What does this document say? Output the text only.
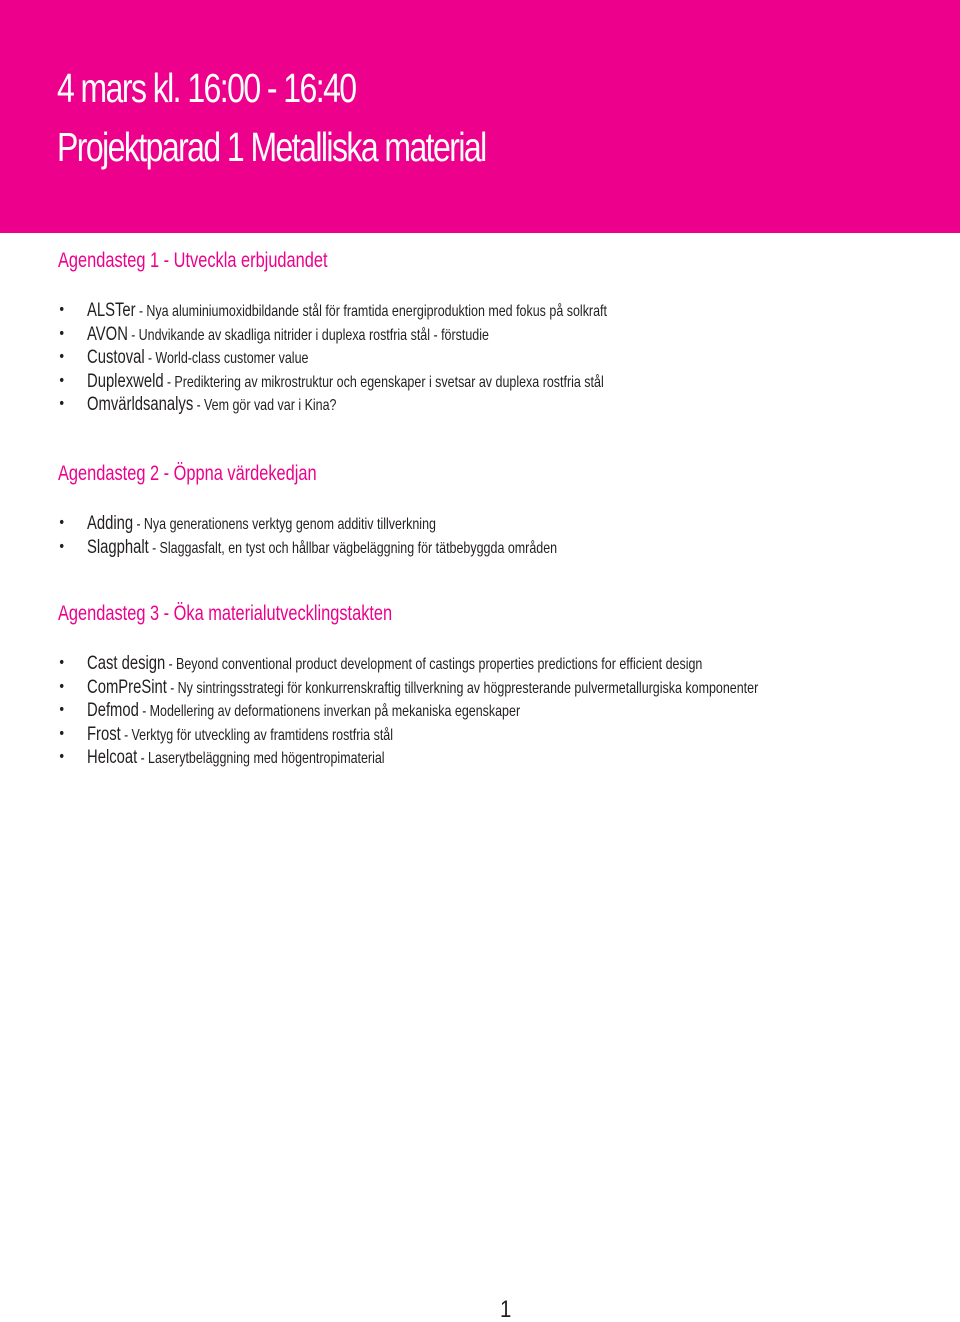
4 mars kl. 16:00 - 16:40
Projektparad 1 Metalliska material
Agendasteg 1 - Utveckla erbjudandet
• ALSTer - Nya aluminiumoxidbildande stål för framtida energiproduktion med fokus på solkraft
• AVON - Undvikande av skadliga nitrider i duplexa rostfria stål - förstudie
• Custoval - World-class customer value
• Duplexweld - Prediktering av mikrostruktur och egenskaper i svetsar av duplexa rostfria stål
• Omvärldsanalys - Vem gör vad var i Kina?
Agendasteg 2 - Öppna värdekedjan
• Adding - Nya generationens verktyg genom additiv tillverkning
• Slagphalt - Slaggasfalt, en tyst och hållbar vägbeläggning för tätbebyggda områden
Agendasteg 3 - Öka materialutvecklingstakten
• Cast design - Beyond conventional product development of castings properties predictions for efficient design
• ComPreSint - Ny sintringsstrategi för konkurrenskraftig tillverkning av högpresterande pulvermetallurgiska komponenter
• Defmod - Modellering av deformationens inverkan på mekaniska egenskaper
• Frost - Verktyg för utveckling av framtidens rostfria stål
• Helcoat - Laserytbeläggning med högentropimaterial
1
